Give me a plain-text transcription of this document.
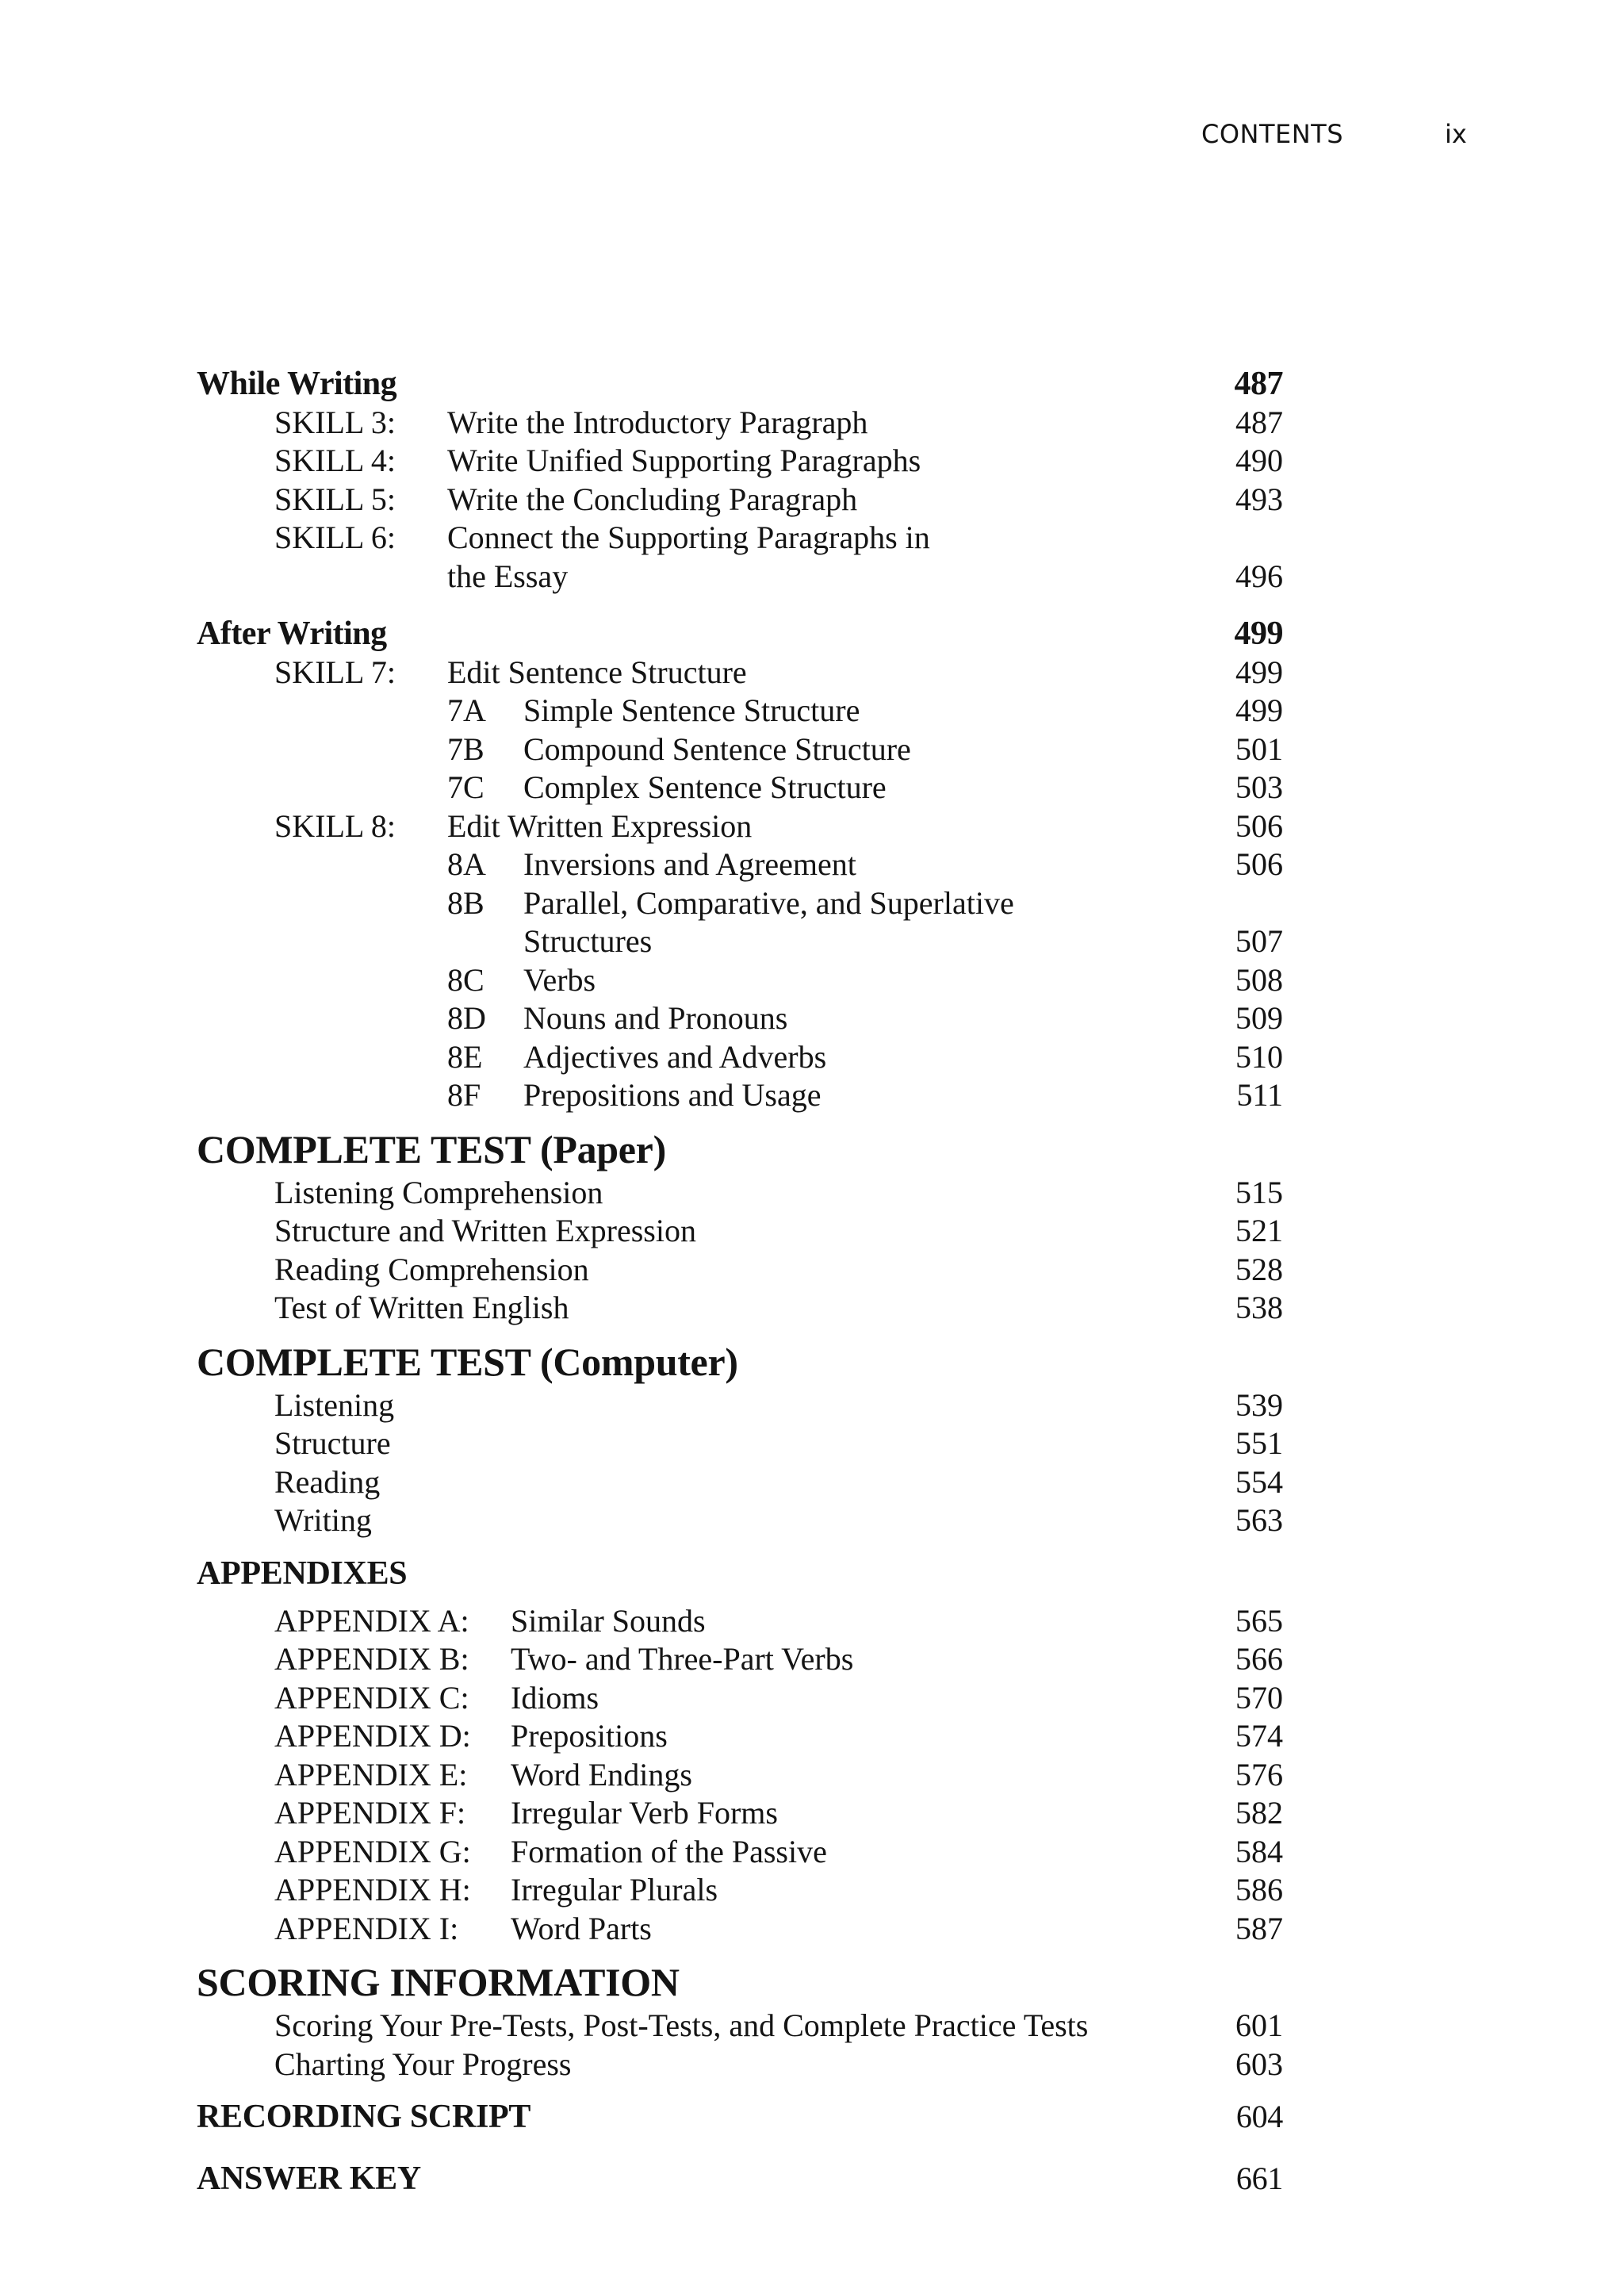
CONTENTS	ix
While Writing	487
SKILL 3:	Write the Introductory Paragraph	487
SKILL 4:	Write Unified Supporting Paragraphs	490
SKILL 5:	Write the Concluding Paragraph	493
SKILL 6:	Connect the Supporting Paragraphs in
the Essay	496
After Writing	499
SKILL 7:	Edit Sentence Structure	499
7A	Simple Sentence Structure	499
7B	Compound Sentence Structure	501
7C	Complex Sentence Structure	503
SKILL 8:	Edit Written Expression	506
8A	Inversions and Agreement	506
8B	Parallel, Comparative, and Superlative
Structures	507
8C	Verbs	508
8D	Nouns and Pronouns	509
8E	Adjectives and Adverbs	510
8F	Prepositions and Usage	511
COMPLETE TEST (Paper)
Listening Comprehension	515
Structure and Written Expression	521
Reading Comprehension	528
Test of Written English	538
COMPLETE TEST (Computer)
Listening	539
Structure	551
Reading	554
Writing	563
APPENDIXES
APPENDIX A:	Similar Sounds	565
APPENDIX B:	Two- and Three-Part Verbs	566
APPENDIX C:	Idioms	570
APPENDIX D:	Prepositions	574
APPENDIX E:	Word Endings	576
APPENDIX F:	Irregular Verb Forms	582
APPENDIX G:	Formation of the Passive	584
APPENDIX H:	Irregular Plurals	586
APPENDIX I:	Word Parts	587
SCORING INFORMATION
Scoring Your Pre-Tests, Post-Tests, and Complete Practice Tests	601
Charting Your Progress	603
RECORDING SCRIPT	604
ANSWER KEY	661
